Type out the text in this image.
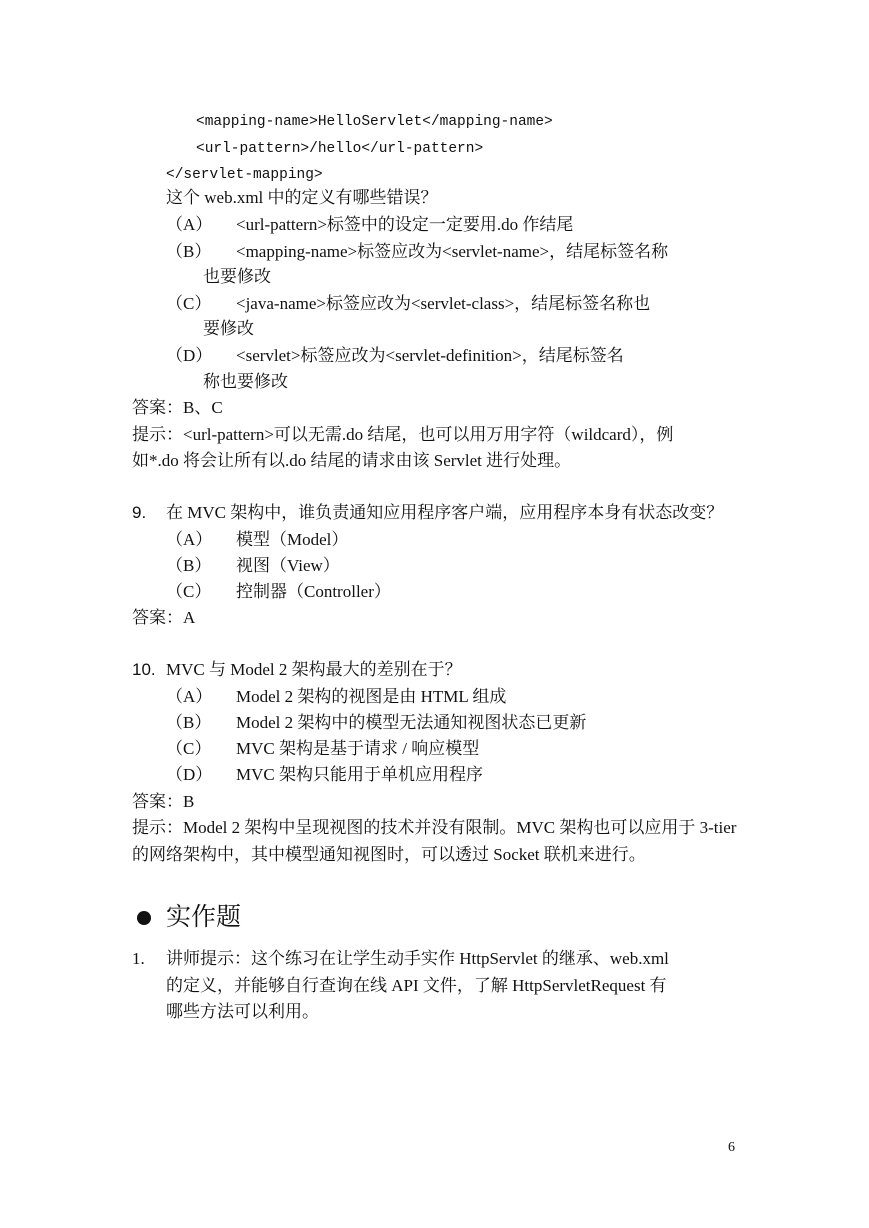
<mapping-name>HelloServlet</mapping-name>
<url-pattern>/hello</url-pattern>
</servlet-mapping>
这个 web.xml 中的定义有哪些错误？
（A） <url-pattern>标签中的设定一定要用.do 作结尾
（B） <mapping-name>标签应改为<servlet-name>，结尾标签名称
也要修改
（C） <java-name>标签应改为<servlet-class>，结尾标签名称也
要修改
（D） <servlet>标签应改为<servlet-definition>，结尾标签名
称也要修改
答案：B、C
提示：<url-pattern>可以无需.do 结尾，也可以用万用字符（wildcard），例
如*.do 将会让所有以.do 结尾的请求由该 Servlet 进行处理。
9. 在 MVC 架构中，谁负责通知应用程序客户端，应用程序本身有状态改变？
（A） 模型（Model）
（B） 视图（View）
（C） 控制器（Controller）
答案：A
10. MVC 与 Model 2 架构最大的差别在于？
（A） Model 2 架构的视图是由 HTML 组成
（B） Model 2 架构中的模型无法通知视图状态已更新
（C） MVC 架构是基于请求 / 响应模型
（D） MVC 架构只能用于单机应用程序
答案：B
提示：Model 2 架构中呈现视图的技术并没有限制。MVC 架构也可以应用于 3-tier
的网络架构中，其中模型通知视图时，可以透过 Socket 联机来进行。
实作题
1. 讲师提示：这个练习在让学生动手实作 HttpServlet 的继承、web.xml
的定义，并能够自行查询在线 API 文件，了解 HttpServletRequest 有
哪些方法可以利用。
6
